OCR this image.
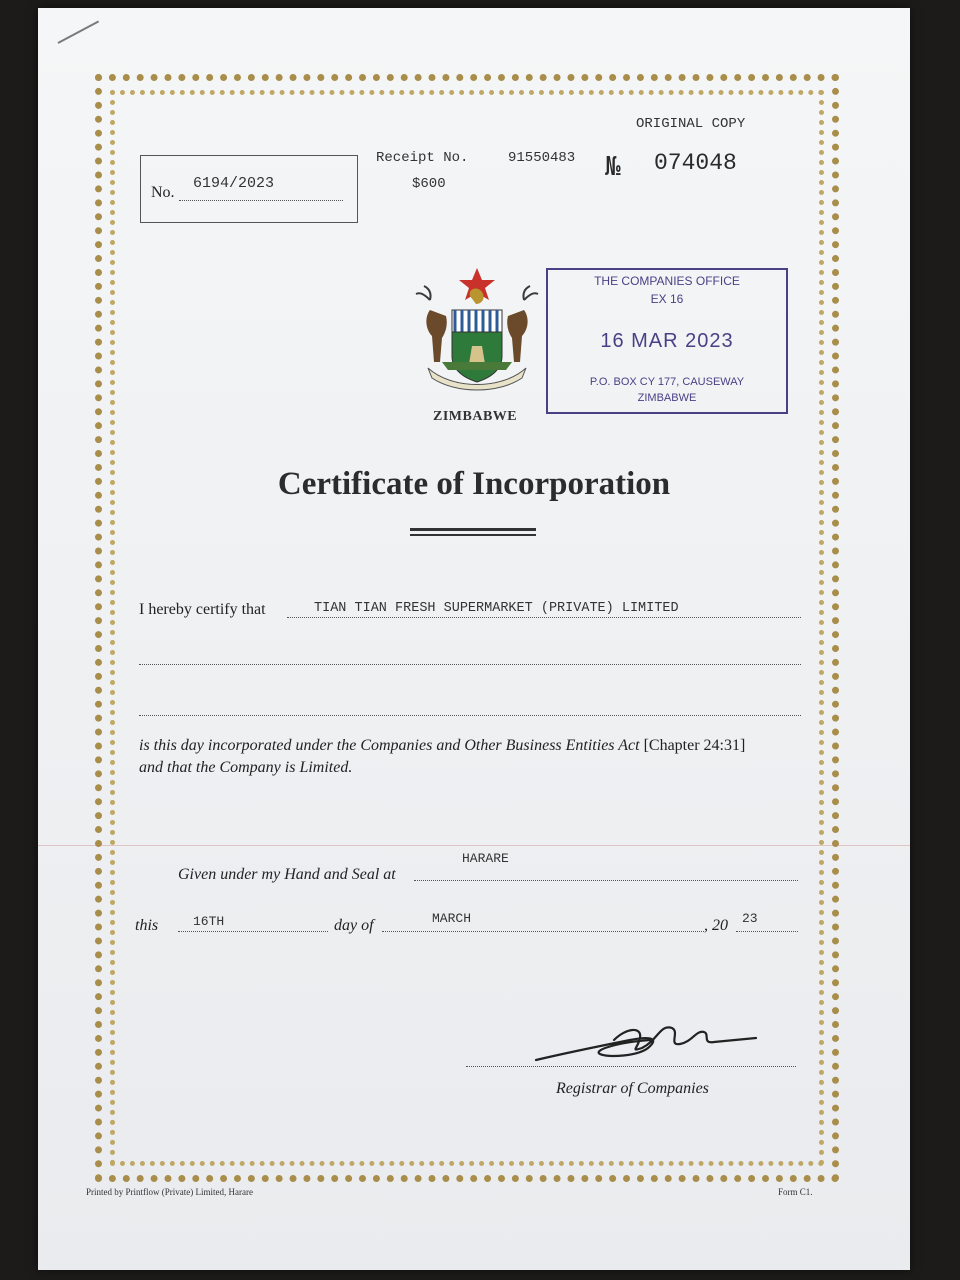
ORIGINAL COPY
No.
6194/2023
Receipt No.	91550483
$600
№ 074048
ZIMBABWE
THE COMPANIES OFFICE
EX 16
16 MAR 2023
P.O. BOX CY 177, CAUSEWAY
ZIMBABWE
Certificate of Incorporation
I hereby certify that	TIAN TIAN FRESH SUPERMARKET (PRIVATE) LIMITED
is this day incorporated under the Companies and Other Business Entities Act [Chapter 24:31]
and that the Company is Limited.
Given under my Hand and Seal at
HARARE
this	16TH	day of	MARCH	, 20 23
Registrar of Companies
Printed by Printflow (Private) Limited, Harare	Form C1.
